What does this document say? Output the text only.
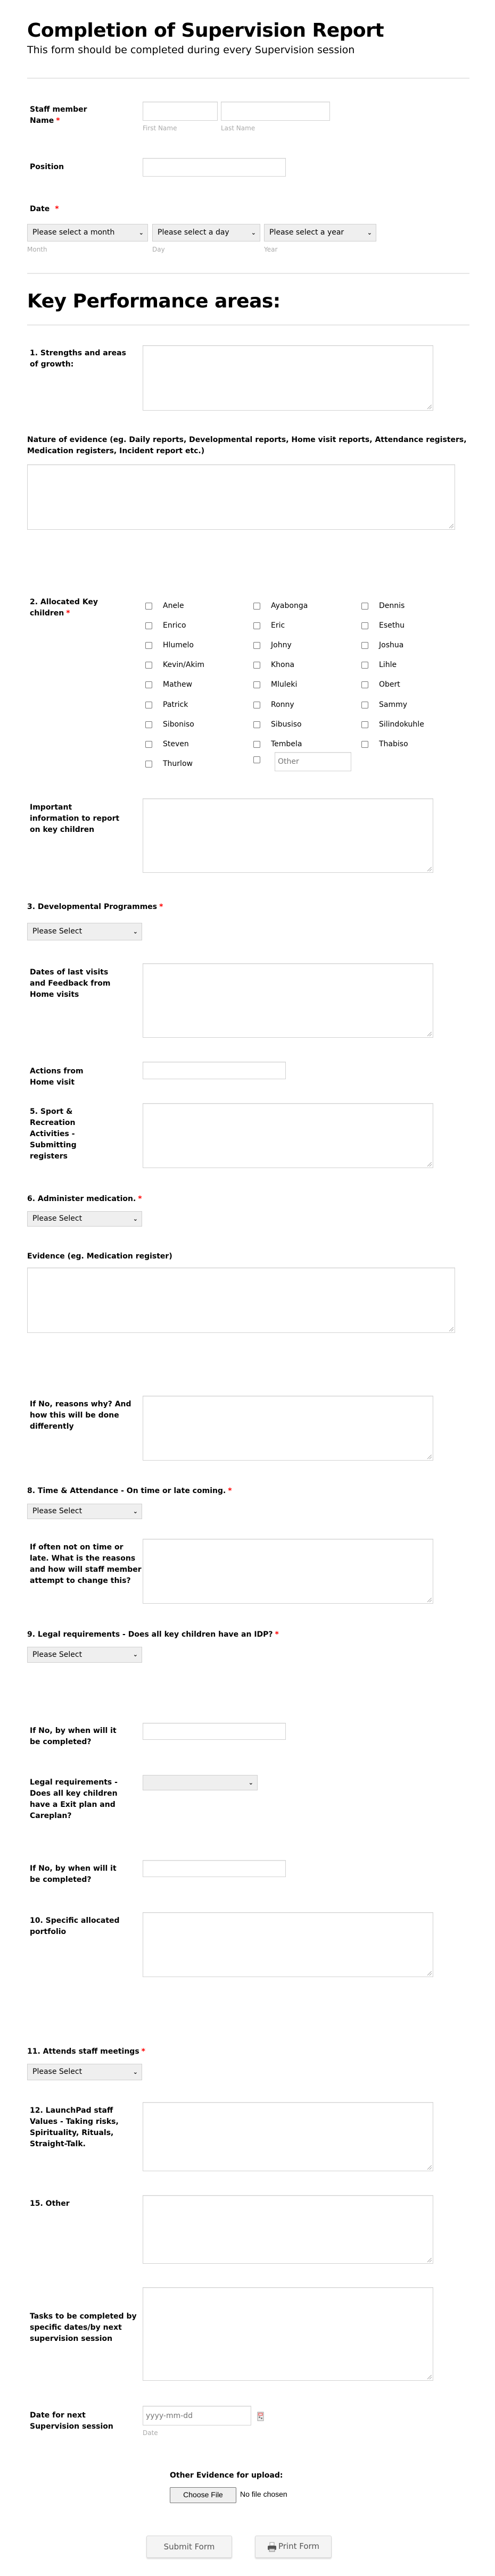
Completion of Supervision Report
This form should be completed during every Supervision session
Staff member
Name *
First Name	Last Name
Position
Date *
Please select a month	⌄	Please select a day	⌄	Please select a year	⌄
Month	Day	Year
Key Performance areas:
1. Strengths and areas of growth:
Nature of evidence (eg. Daily reports, Developmental reports, Home visit reports, Attendance registers, Medication registers, Incident report etc.)
2. Allocated Key children *
Anele	Ayabonga	Dennis
Enrico	Eric	Esethu
Hlumelo	Johny	Joshua
Kevin/Akim	Khona	Lihle
Mathew	Mluleki	Obert
Patrick	Ronny	Sammy
Siboniso	Sibusiso	Silindokuhle
Steven	Tembela	Thabiso
Thurlow
Other
Important information to report on key children
3. Developmental Programmes *
Please Select	⌄
Dates of last visits and Feedback from Home visits
Actions from Home visit
5. Sport & Recreation Activities - Submitting registers
6. Administer medication. *
Please Select	⌄
Evidence (eg. Medication register)
If No, reasons why? And how this will be done differently
8. Time & Attendance - On time or late coming. *
Please Select	⌄
If often not on time or late. What is the reasons and how will staff member attempt to change this?
9. Legal requirements - Does all key children have an IDP? *
Please Select	⌄
If No, by when will it be completed?
Legal requirements - Does all key children have a Exit plan and Careplan?
⌄
If No, by when will it be completed?
10. Specific allocated portfolio
11. Attends staff meetings *
Please Select	⌄
12. LaunchPad staff Values - Taking risks, Spirituality, Rituals, Straight-Talk.
15. Other
Tasks to be completed by specific dates/by next supervision session
Date for next Supervision session
yyyy-mm-dd
Date
Other Evidence for upload:
Choose File	No file chosen
Submit Form	Print Form
